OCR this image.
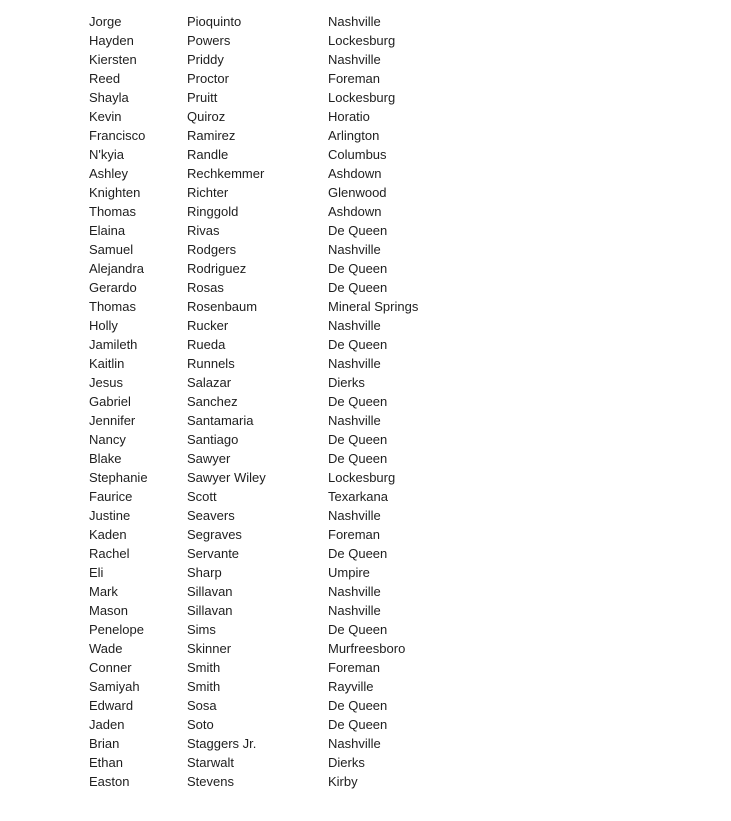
Jorge	Pioquinto	Nashville
Hayden	Powers	Lockesburg
Kiersten	Priddy	Nashville
Reed	Proctor	Foreman
Shayla	Pruitt	Lockesburg
Kevin	Quiroz	Horatio
Francisco	Ramirez	Arlington
N'kyia	Randle	Columbus
Ashley	Rechkemmer	Ashdown
Knighten	Richter	Glenwood
Thomas	Ringgold	Ashdown
Elaina	Rivas	De Queen
Samuel	Rodgers	Nashville
Alejandra	Rodriguez	De Queen
Gerardo	Rosas	De Queen
Thomas	Rosenbaum	Mineral Springs
Holly	Rucker	Nashville
Jamileth	Rueda	De Queen
Kaitlin	Runnels	Nashville
Jesus	Salazar	Dierks
Gabriel	Sanchez	De Queen
Jennifer	Santamaria	Nashville
Nancy	Santiago	De Queen
Blake	Sawyer	De Queen
Stephanie	Sawyer Wiley	Lockesburg
Faurice	Scott	Texarkana
Justine	Seavers	Nashville
Kaden	Segraves	Foreman
Rachel	Servante	De Queen
Eli	Sharp	Umpire
Mark	Sillavan	Nashville
Mason	Sillavan	Nashville
Penelope	Sims	De Queen
Wade	Skinner	Murfreesboro
Conner	Smith	Foreman
Samiyah	Smith	Rayville
Edward	Sosa	De Queen
Jaden	Soto	De Queen
Brian	Staggers Jr.	Nashville
Ethan	Starwalt	Dierks
Easton	Stevens	Kirby
